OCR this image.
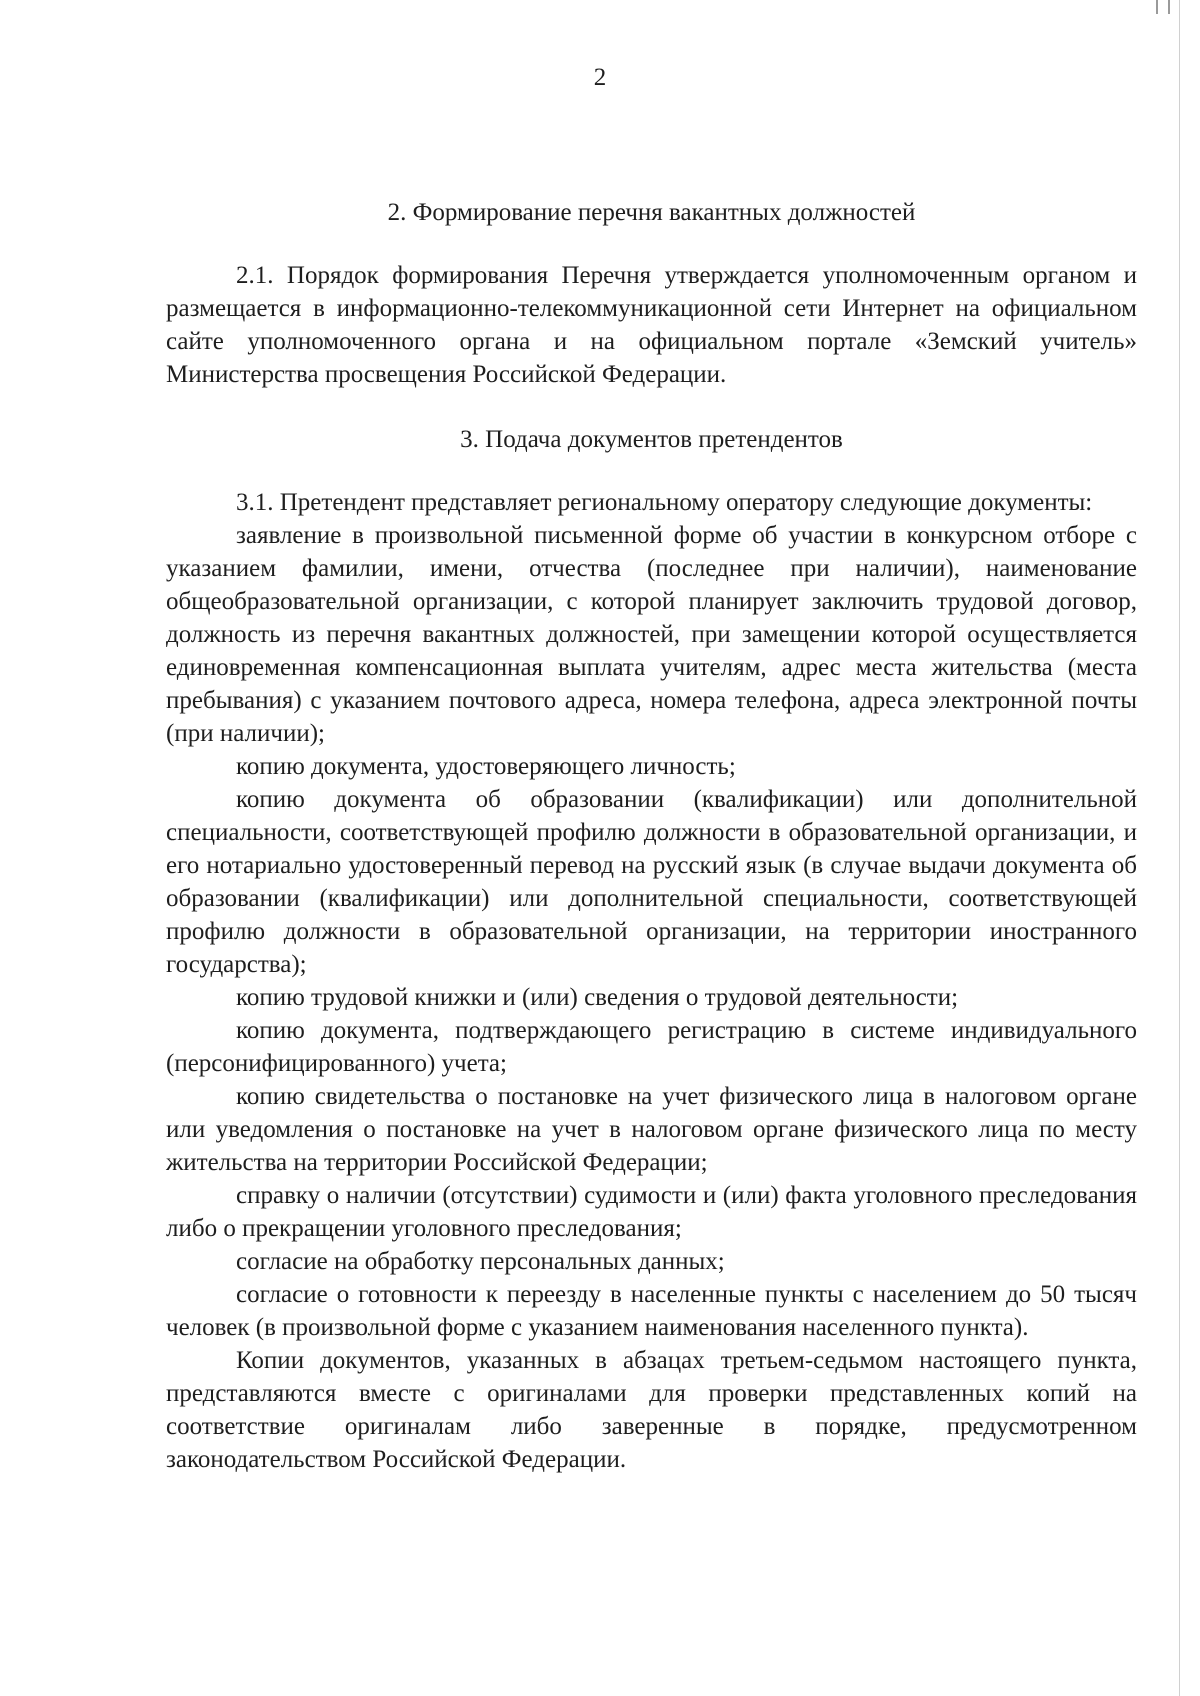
2
2. Формирование перечня вакантных должностей

2.1. Порядок формирования Перечня утверждается уполномоченным органом и размещается в информационно-телекоммуникационной сети Интернет на официальном сайте уполномоченного органа и на официальном портале «Земский учитель» Министерства просвещения Российской Федерации.

3. Подача документов претендентов

3.1. Претендент представляет региональному оператору следующие документы:

заявление в произвольной письменной форме об участии в конкурсном отборе с указанием фамилии, имени, отчества (последнее при наличии), наименование общеобразовательной организации, с которой планирует заключить трудовой договор, должность из перечня вакантных должностей, при замещении которой осуществляется единовременная компенсационная выплата учителям, адрес места жительства (места пребывания) с указанием почтового адреса, номера телефона, адреса электронной почты (при наличии);

копию документа, удостоверяющего личность;

копию документа об образовании (квалификации) или дополнительной специальности, соответствующей профилю должности в образовательной организации, и его нотариально удостоверенный перевод на русский язык (в случае выдачи документа об образовании (квалификации) или дополнительной специальности, соответствующей профилю должности в образовательной организации, на территории иностранного государства);

копию трудовой книжки и (или) сведения о трудовой деятельности;

копию документа, подтверждающего регистрацию в системе индивидуального (персонифицированного) учета;

копию свидетельства о постановке на учет физического лица в налоговом органе или уведомления о постановке на учет в налоговом органе физического лица по месту жительства на территории Российской Федерации;

справку о наличии (отсутствии) судимости и (или) факта уголовного преследования либо о прекращении уголовного преследования;

согласие на обработку персональных данных;

согласие о готовности к переезду в населенные пункты с населением до 50 тысяч человек (в произвольной форме с указанием наименования населенного пункта).

Копии документов, указанных в абзацах третьем-седьмом настоящего пункта, представляются вместе с оригиналами для проверки представленных копий на соответствие оригиналам либо заверенные в порядке, предусмотренном законодательством Российской Федерации.
